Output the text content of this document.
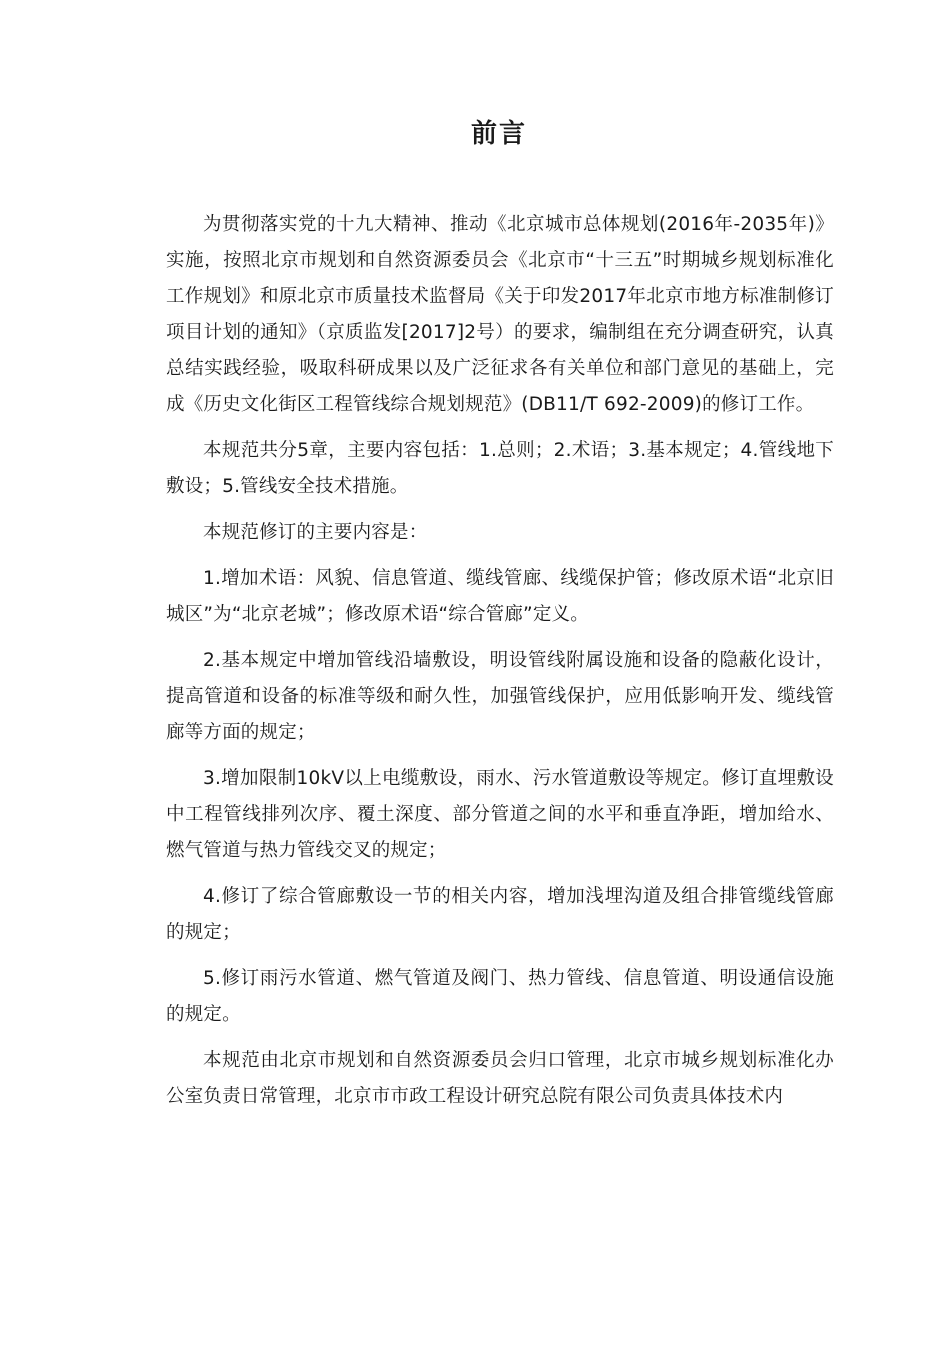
前言

为贯彻落实党的十九大精神、推动《北京城市总体规划(2016年-2035年)》实施，按照北京市规划和自然资源委员会《北京市“十三五”时期城乡规划标准化工作规划》和原北京市质量技术监督局《关于印发2017年北京市地方标准制修订项目计划的通知》（京质监发[2017]2号）的要求，编制组在充分调查研究，认真总结实践经验，吸取科研成果以及广泛征求各有关单位和部门意见的基础上，完成《历史文化街区工程管线综合规划规范》(DB11/T 692-2009)的修订工作。

本规范共分5章，主要内容包括：1.总则；2.术语；3.基本规定；4.管线地下敷设；5.管线安全技术措施。

本规范修订的主要内容是：

1.增加术语：风貌、信息管道、缆线管廊、线缆保护管；修改原术语“北京旧城区”为“北京老城”；修改原术语“综合管廊”定义。

2.基本规定中增加管线沿墙敷设，明设管线附属设施和设备的隐蔽化设计，提高管道和设备的标准等级和耐久性，加强管线保护，应用低影响开发、缆线管廊等方面的规定；

3.增加限制10kV以上电缆敷设，雨水、污水管道敷设等规定。修订直埋敷设中工程管线排列次序、覆土深度、部分管道之间的水平和垂直净距，增加给水、燃气管道与热力管线交叉的规定；

4.修订了综合管廊敷设一节的相关内容，增加浅埋沟道及组合排管缆线管廊的规定；

5.修订雨污水管道、燃气管道及阀门、热力管线、信息管道、明设通信设施的规定。

本规范由北京市规划和自然资源委员会归口管理，北京市城乡规划标准化办公室负责日常管理，北京市市政工程设计研究总院有限公司负责具体技术内
